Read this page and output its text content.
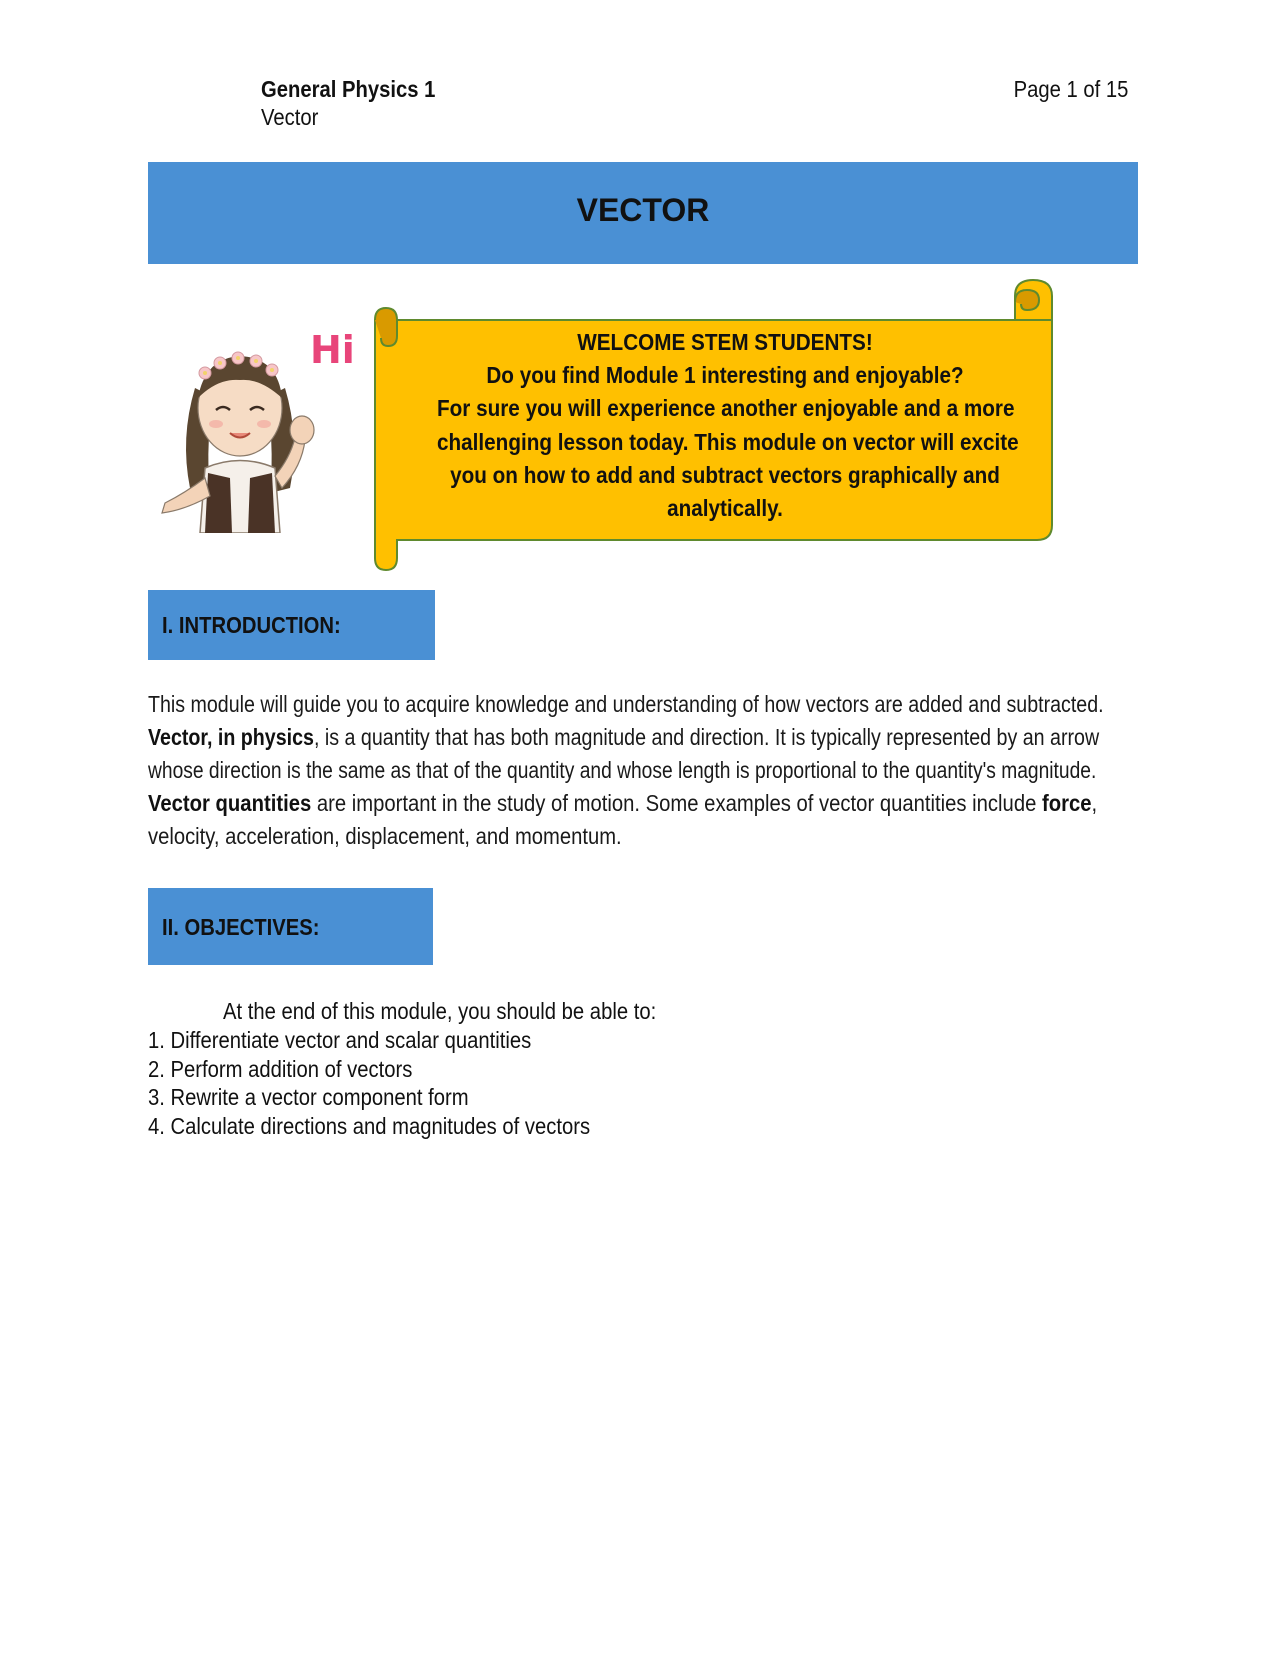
General Physics 1
Vector
Page 1 of 15
VECTOR
Hi	WELCOME STEM STUDENTS!
Do you find Module 1 interesting and enjoyable?
For sure you will experience another enjoyable and a more
challenging lesson today. This module on vector will excite
you on how to add and subtract vectors graphically and
analytically.
I. INTRODUCTION:
This module will guide you to acquire knowledge and understanding of how vectors are added and subtracted.
Vector, in physics, is a quantity that has both magnitude and direction. It is typically represented by an arrow
whose direction is the same as that of the quantity and whose length is proportional to the quantity's magnitude.
Vector quantities are important in the study of motion. Some examples of vector quantities include force,
velocity, acceleration, displacement, and momentum.
II. OBJECTIVES:
At the end of this module, you should be able to:
1. Differentiate vector and scalar quantities
2. Perform addition of vectors
3. Rewrite a vector component form
4. Calculate directions and magnitudes of vectors
